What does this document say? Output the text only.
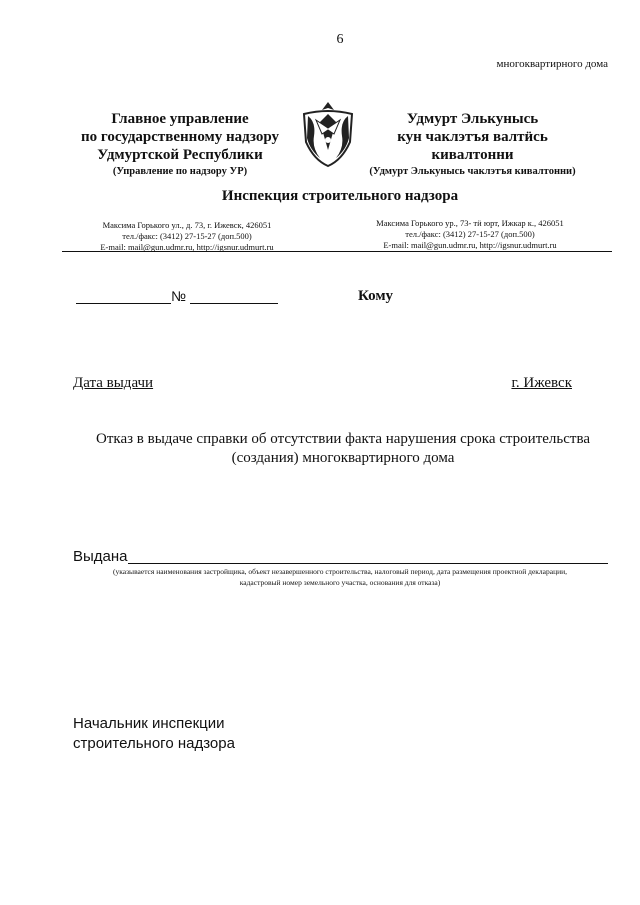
6
многоквартирного дома
Главное управление
по государственному надзору
Удмуртской Республики
(Управление по надзору УР)
Удмурт Элькунысь
кун чаклэтъя валтӥсь
кивалтонни
(Удмурт Элькунысь чаклэтъя кивалтонни)
Инспекция строительного надзора
Максима Горького ул., д. 73, г. Ижевск, 426051
тел./факс: (3412) 27-15-27 (доп.500)
E-mail: mail@gun.udmr.ru, http://igsnur.udmurt.ru
Максима Горького ур., 73- тӥ юрт, Ижкар к., 426051
тел./факс: (3412) 27-15-27 (доп.500)
E-mail: mail@gun.udmr.ru, http://igsnur.udmurt.ru
№	Кому
Дата выдачи	г. Ижевск
Отказ в выдаче справки об отсутствии факта нарушения срока строительства
(создания) многоквартирного дома
Выдана
(указывается наименования застройщика, объект незавершенного строительства, налоговый период, дата размещения проектной декларации,
кадастровый номер земельного участка, основания для отказа)
Начальник инспекции
строительного надзора
